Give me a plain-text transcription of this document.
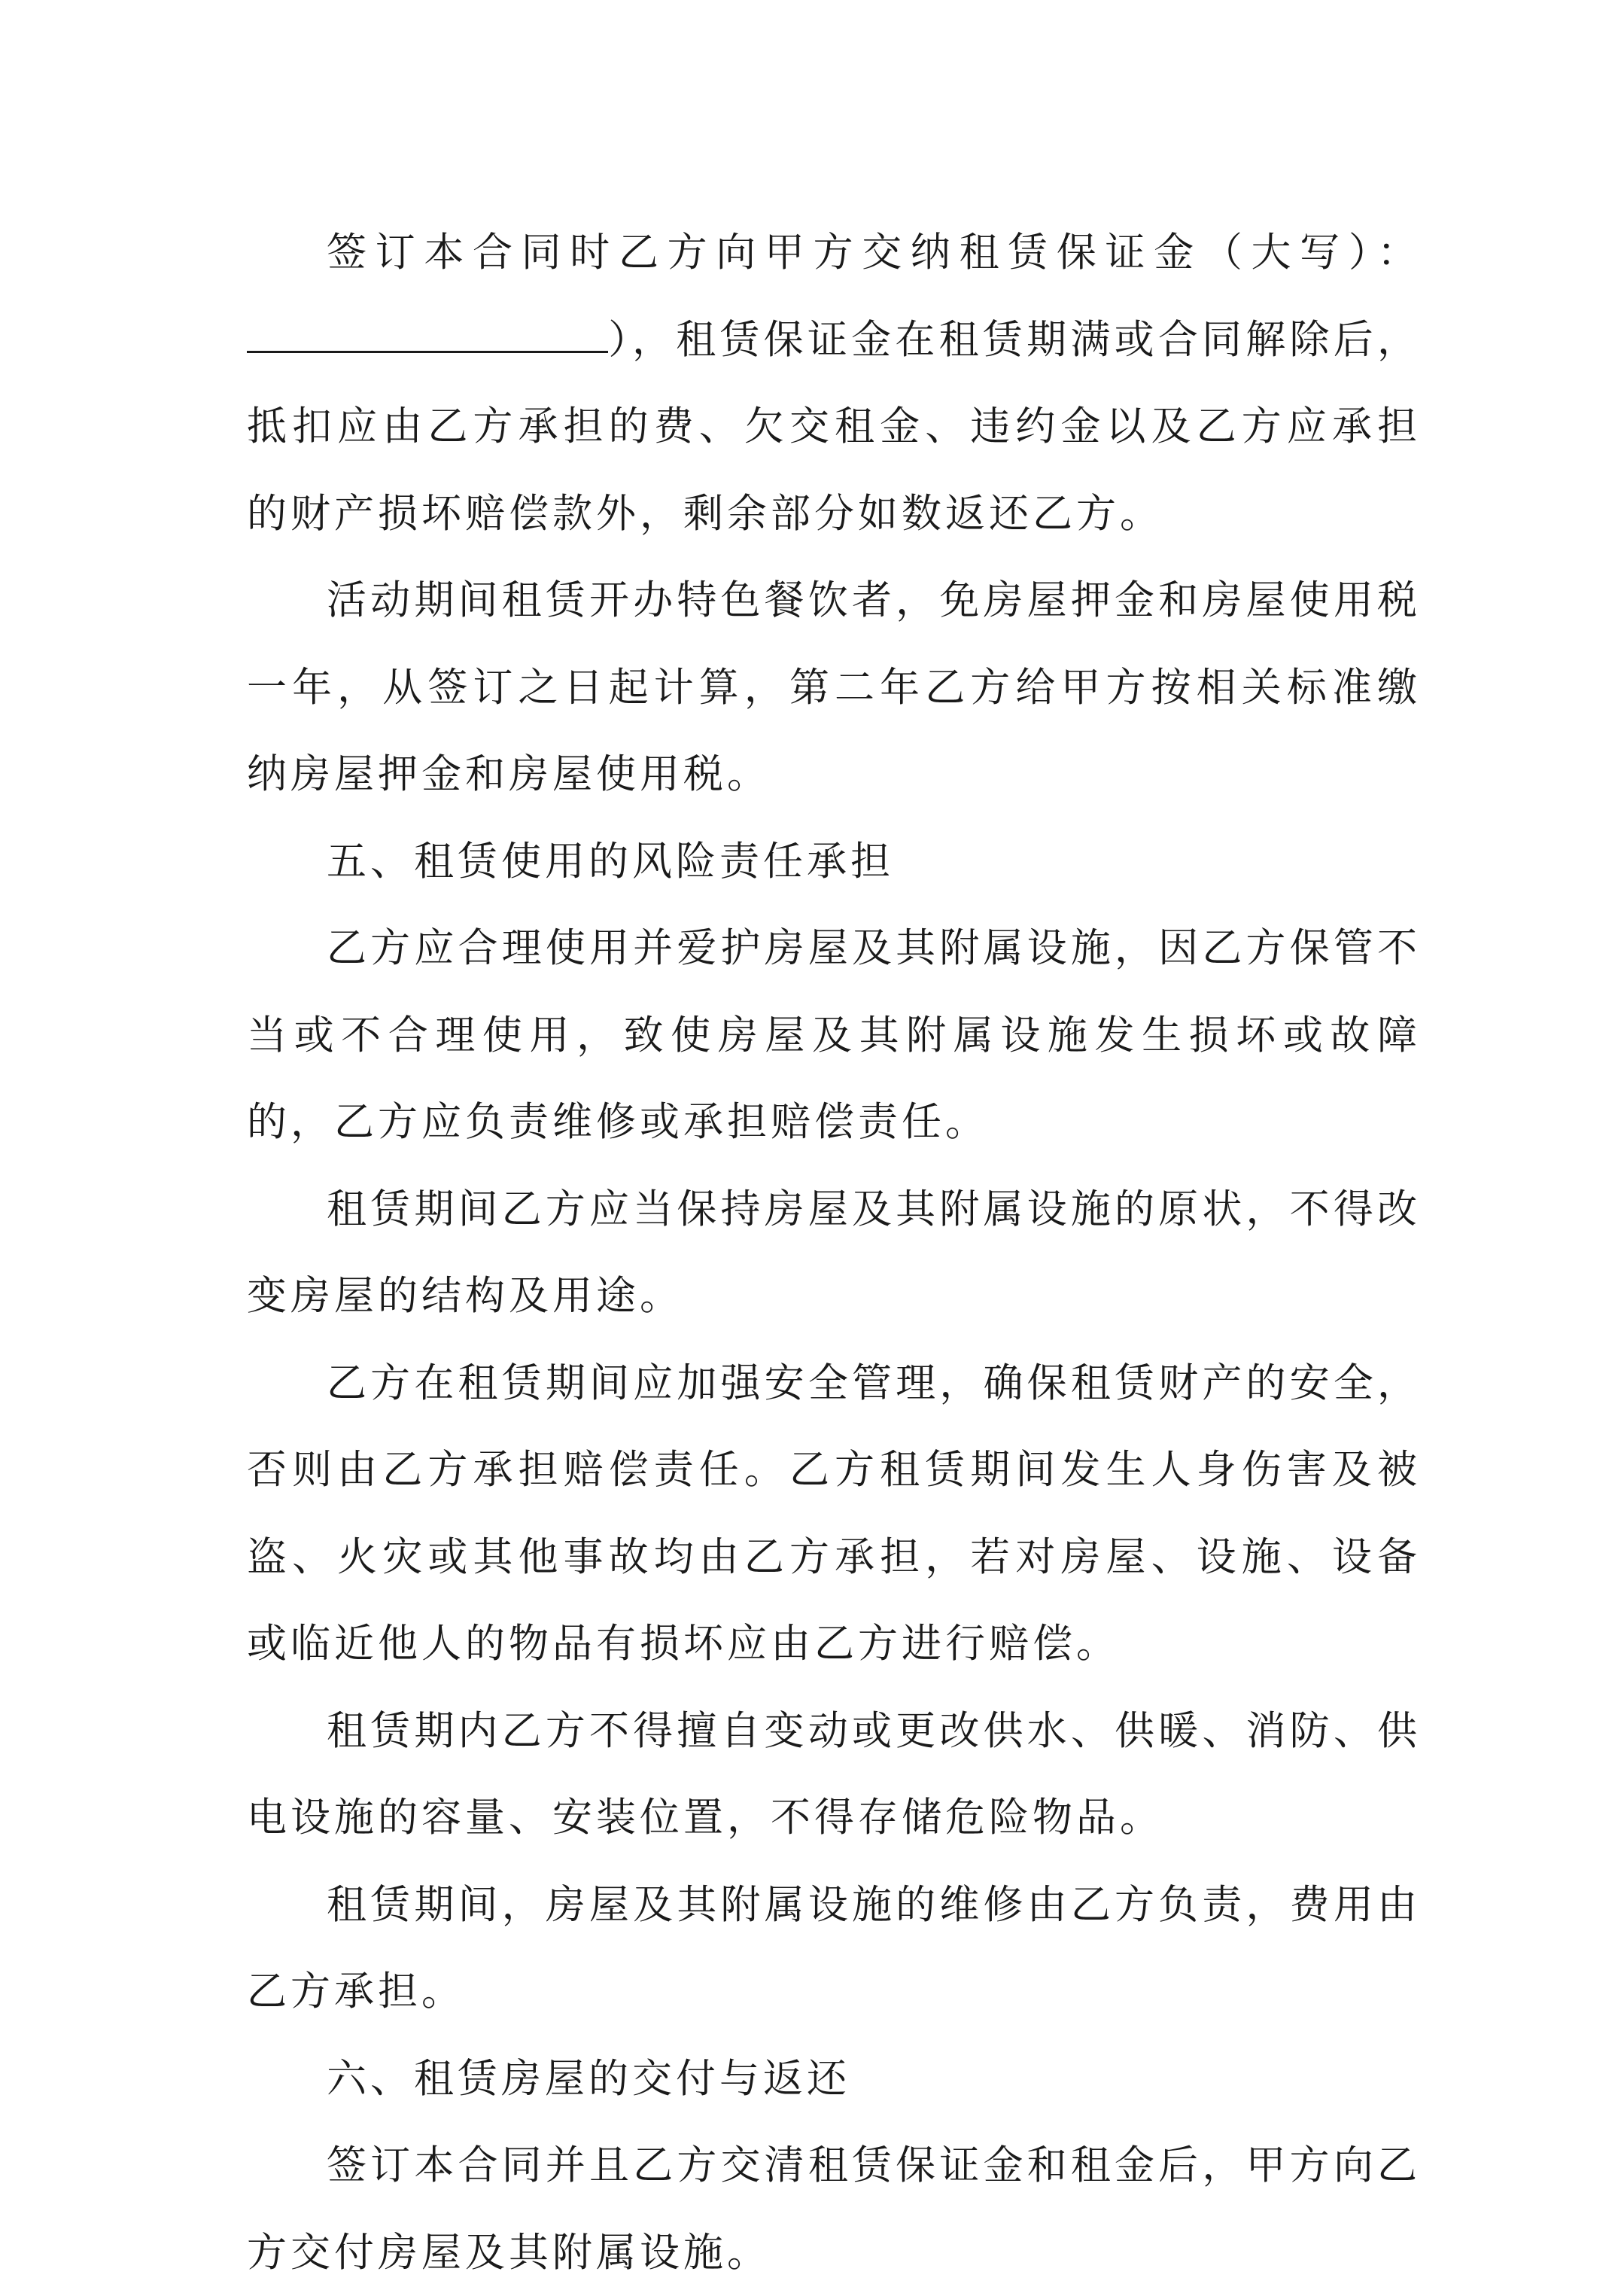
签订本合同时乙方向甲方交纳租赁保证金（大写）：），租赁保证金在租赁期满或合同解除后，抵扣应由乙方承担的费、欠交租金、违约金以及乙方应承担的财产损坏赔偿款外，剩余部分如数返还乙方。

活动期间租赁开办特色餐饮者，免房屋押金和房屋使用税一年，从签订之日起计算，第二年乙方给甲方按相关标准缴纳房屋押金和房屋使用税。

五、租赁使用的风险责任承担

乙方应合理使用并爱护房屋及其附属设施，因乙方保管不当或不合理使用，致使房屋及其附属设施发生损坏或故障的，乙方应负责维修或承担赔偿责任。

租赁期间乙方应当保持房屋及其附属设施的原状，不得改变房屋的结构及用途。

乙方在租赁期间应加强安全管理，确保租赁财产的安全，否则由乙方承担赔偿责任。乙方租赁期间发生人身伤害及被盗、火灾或其他事故均由乙方承担，若对房屋、设施、设备或临近他人的物品有损坏应由乙方进行赔偿。

租赁期内乙方不得擅自变动或更改供水、供暖、消防、供电设施的容量、安装位置，不得存储危险物品。

租赁期间，房屋及其附属设施的维修由乙方负责，费用由乙方承担。

六、租赁房屋的交付与返还

签订本合同并且乙方交清租赁保证金和租金后，甲方向乙方交付房屋及其附属设施。
